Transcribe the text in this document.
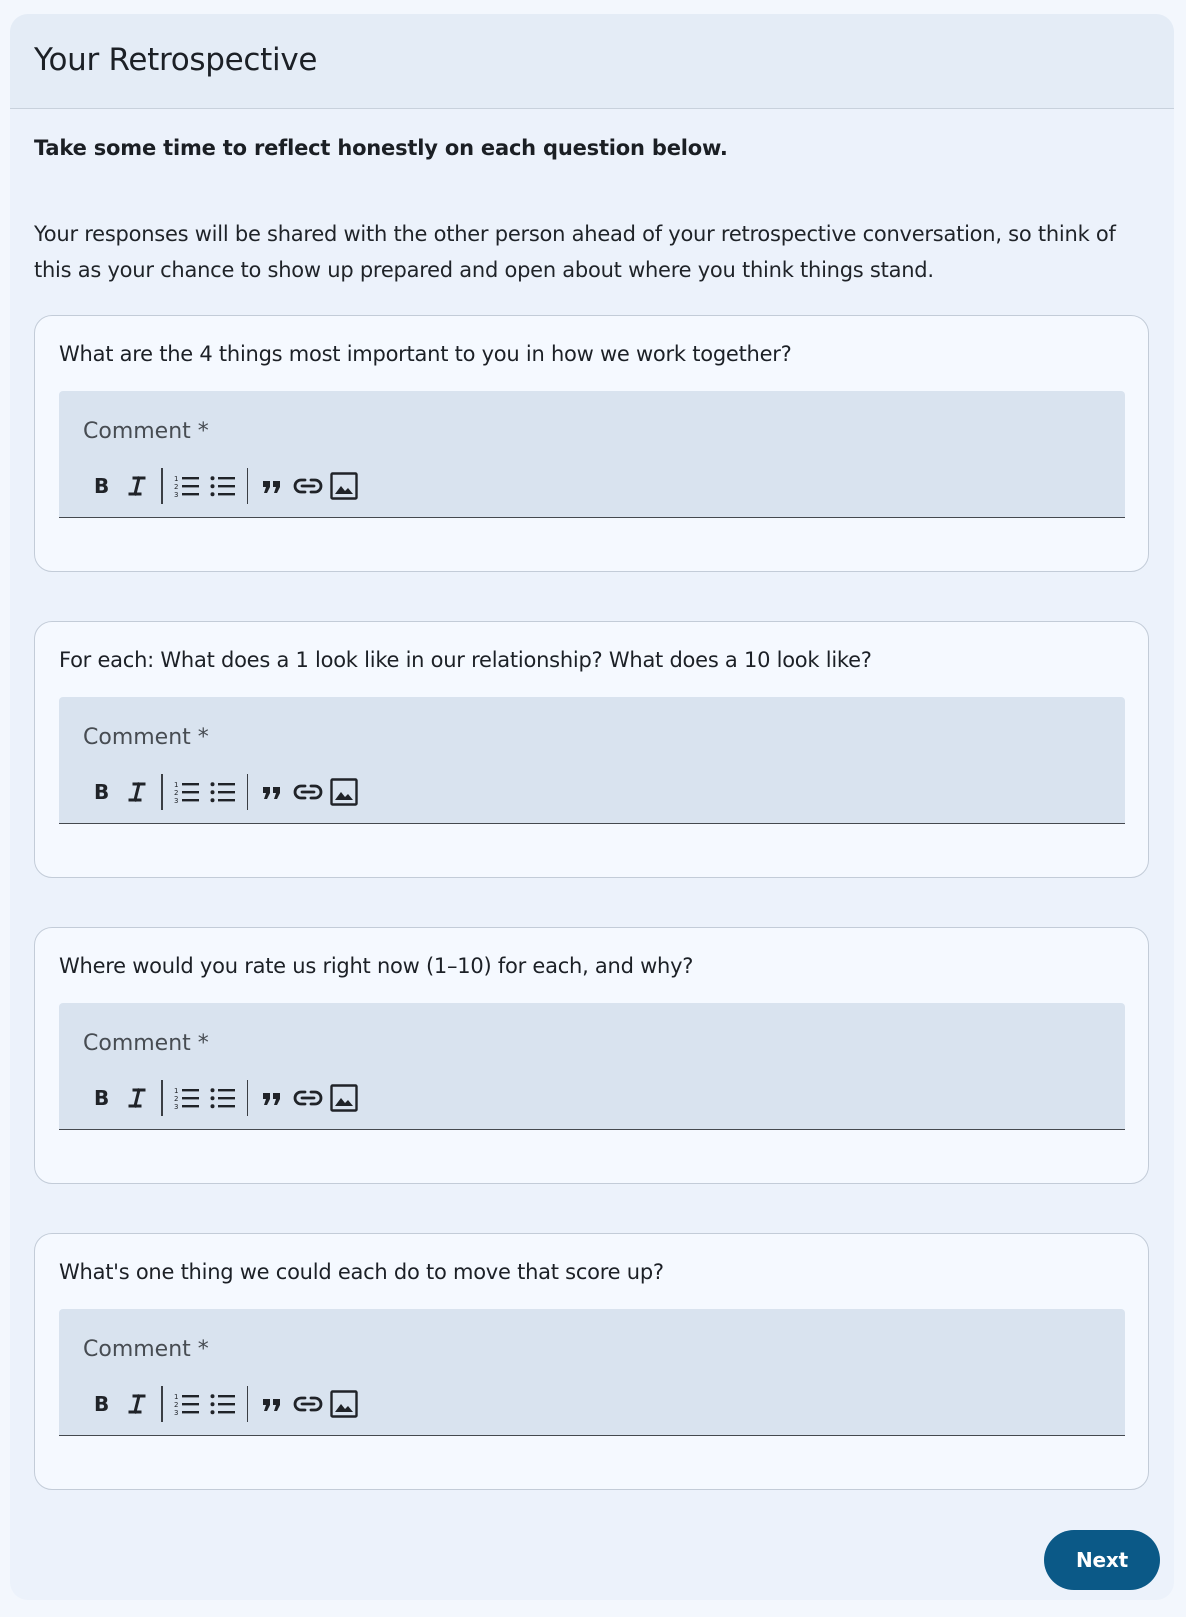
Your Retrospective

Take some time to reflect honestly on each question below.

Your responses will be shared with the other person ahead of your retrospective conversation, so think of this as your chance to show up prepared and open about where you think things stand.

What are the 4 things most important to you in how we work together?

Comment *
B	1
2
3

For each: What does a 1 look like in our relationship? What does a 10 look like?

Comment *
B	1
2
3

Where would you rate us right now (1–10) for each, and why?

Comment *
B	1
2
3

What's one thing we could each do to move that score up?

Comment *
B	1
2
3
Next
